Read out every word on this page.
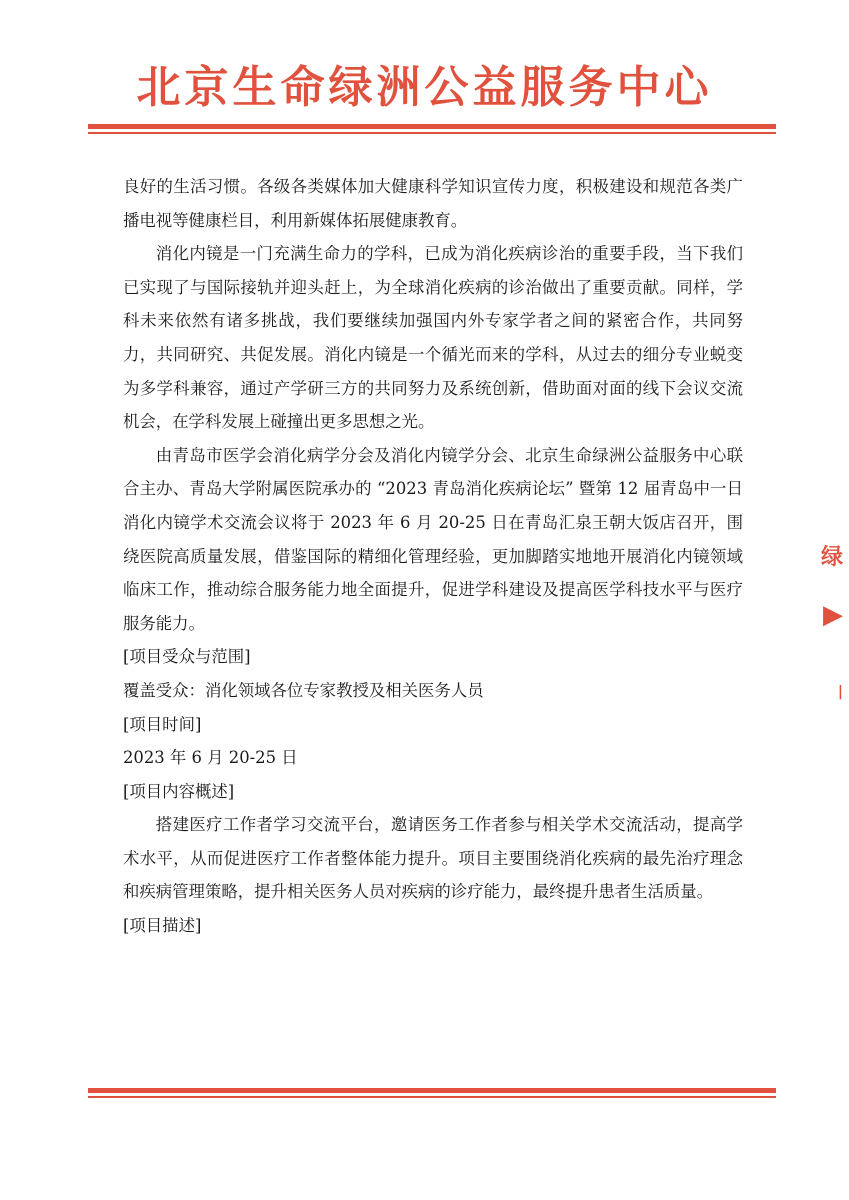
北京生命绿洲公益服务中心

良好的生活习惯。各级各类媒体加大健康科学知识宣传力度，积极建设和规范各类广播电视等健康栏目，利用新媒体拓展健康教育。

消化内镜是一门充满生命力的学科，已成为消化疾病诊治的重要手段，当下我们已实现了与国际接轨并迎头赶上，为全球消化疾病的诊治做出了重要贡献。同样，学科未来依然有诸多挑战，我们要继续加强国内外专家学者之间的紧密合作，共同努力，共同研究、共促发展。消化内镜是一个循光而来的学科，从过去的细分专业蜕变为多学科兼容，通过产学研三方的共同努力及系统创新，借助面对面的线下会议交流机会，在学科发展上碰撞出更多思想之光。

由青岛市医学会消化病学分会及消化内镜学分会、北京生命绿洲公益服务中心联合主办、青岛大学附属医院承办的 “2023 青岛消化疾病论坛” 暨第 12 届青岛中一日消化内镜学术交流会议将于 2023 年 6 月 20-25 日在青岛汇泉王朝大饭店召开，围绕医院高质量发展，借鉴国际的精细化管理经验，更加脚踏实地地开展消化内镜领域临床工作，推动综合服务能力地全面提升，促进学科建设及提高医学科技水平与医疗服务能力。

[项目受众与范围]

覆盖受众：消化领域各位专家教授及相关医务人员

[项目时间]

2023 年 6 月 20-25 日

[项目内容概述]

搭建医疗工作者学习交流平台，邀请医务工作者参与相关学术交流活动，提高学术水平，从而促进医疗工作者整体能力提升。项目主要围绕消化疾病的最先治疗理念和疾病管理策略，提升相关医务人员对疾病的诊疗能力，最终提升患者生活质量。

[项目描述]

绿
▶
|
